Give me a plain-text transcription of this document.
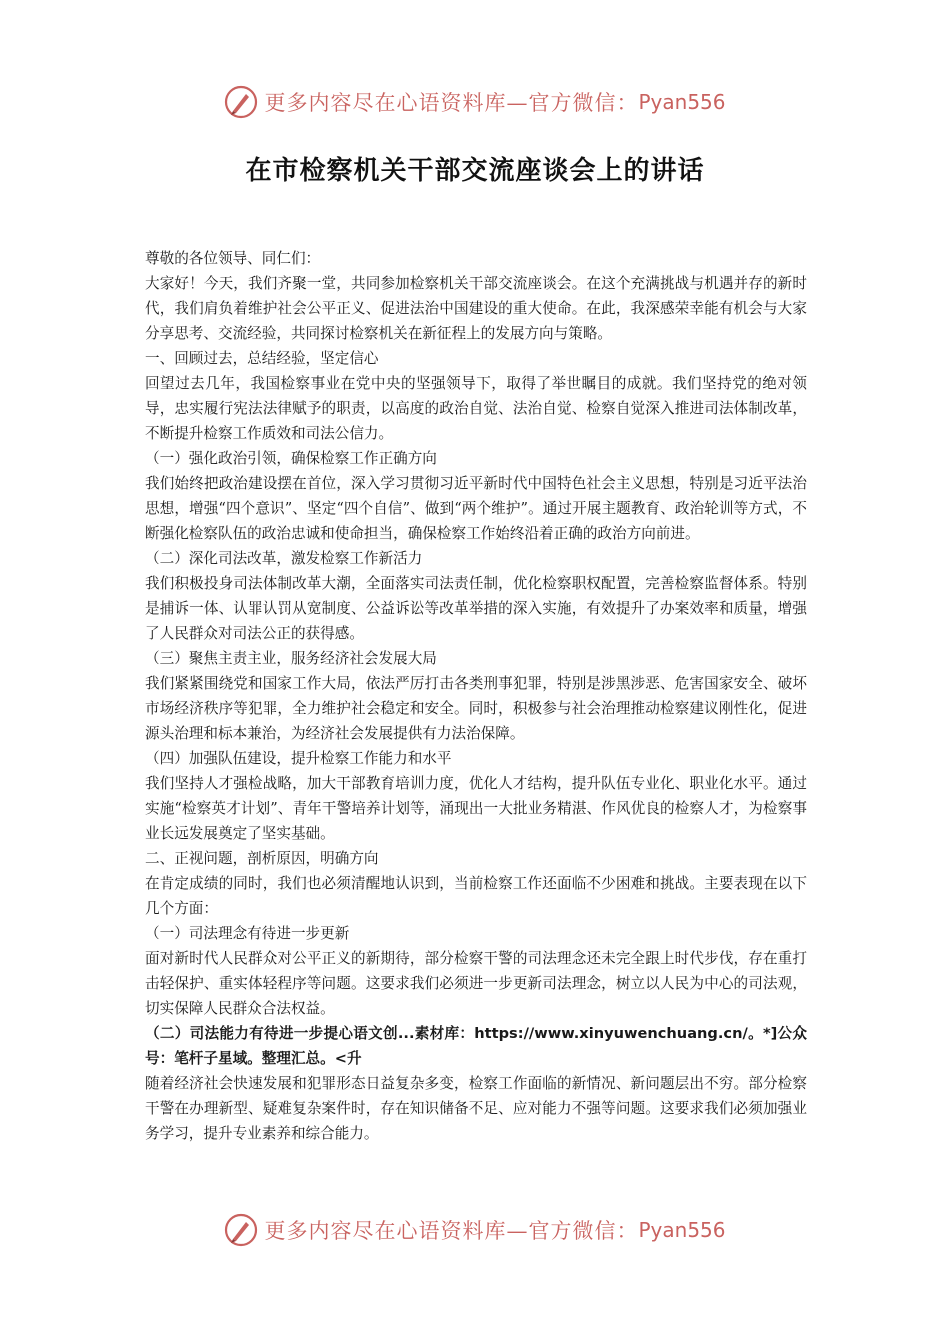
更多内容尽在心语资料库—官方微信： Pyan556
在市检察机关干部交流座谈会上的讲话

尊敬的各位领导、同仁们：

大家好！今天，我们齐聚一堂，共同参加检察机关干部交流座谈会。在这个充满挑战与机遇并存的新时代，我们肩负着维护社会公平正义、促进法治中国建设的重大使命。在此，我深感荣幸能有机会与大家分享思考、交流经验，共同探讨检察机关在新征程上的发展方向与策略。

一、回顾过去，总结经验，坚定信心

回望过去几年，我国检察事业在党中央的坚强领导下，取得了举世瞩目的成就。我们坚持党的绝对领导，忠实履行宪法法律赋予的职责，以高度的政治自觉、法治自觉、检察自觉深入推进司法体制改革，不断提升检察工作质效和司法公信力。

（一）强化政治引领，确保检察工作正确方向

我们始终把政治建设摆在首位，深入学习贯彻习近平新时代中国特色社会主义思想，特别是习近平法治思想，增强“四个意识”、坚定“四个自信”、做到“两个维护”。通过开展主题教育、政治轮训等方式，不断强化检察队伍的政治忠诚和使命担当，确保检察工作始终沿着正确的政治方向前进。

（二）深化司法改革，激发检察工作新活力

我们积极投身司法体制改革大潮，全面落实司法责任制，优化检察职权配置，完善检察监督体系。特别是捕诉一体、认罪认罚从宽制度、公益诉讼等改革举措的深入实施，有效提升了办案效率和质量，增强了人民群众对司法公正的获得感。

（三）聚焦主责主业，服务经济社会发展大局

我们紧紧围绕党和国家工作大局，依法严厉打击各类刑事犯罪，特别是涉黑涉恶、危害国家安全、破坏市场经济秩序等犯罪，全力维护社会稳定和安全。同时，积极参与社会治理推动检察建议刚性化，促进源头治理和标本兼治，为经济社会发展提供有力法治保障。

（四）加强队伍建设，提升检察工作能力和水平

我们坚持人才强检战略，加大干部教育培训力度，优化人才结构，提升队伍专业化、职业化水平。通过实施“检察英才计划”、青年干警培养计划等，涌现出一大批业务精湛、作风优良的检察人才，为检察事业长远发展奠定了坚实基础。

二、正视问题，剖析原因，明确方向

在肯定成绩的同时，我们也必须清醒地认识到，当前检察工作还面临不少困难和挑战。主要表现在以下几个方面：

（一）司法理念有待进一步更新

面对新时代人民群众对公平正义的新期待，部分检察干警的司法理念还未完全跟上时代步伐，存在重打击轻保护、重实体轻程序等问题。这要求我们必须进一步更新司法理念，树立以人民为中心的司法观，切实保障人民群众合法权益。

（二）司法能力有待进一步提心语文创...素材库：https://www.xinyuwenchuang.cn/。*]公众号：笔杆子星域。整理汇总。<升

随着经济社会快速发展和犯罪形态日益复杂多变，检察工作面临的新情况、新问题层出不穷。部分检察干警在办理新型、疑难复杂案件时，存在知识储备不足、应对能力不强等问题。这要求我们必须加强业务学习，提升专业素养和综合能力。

更多内容尽在心语资料库—官方微信： Pyan556
